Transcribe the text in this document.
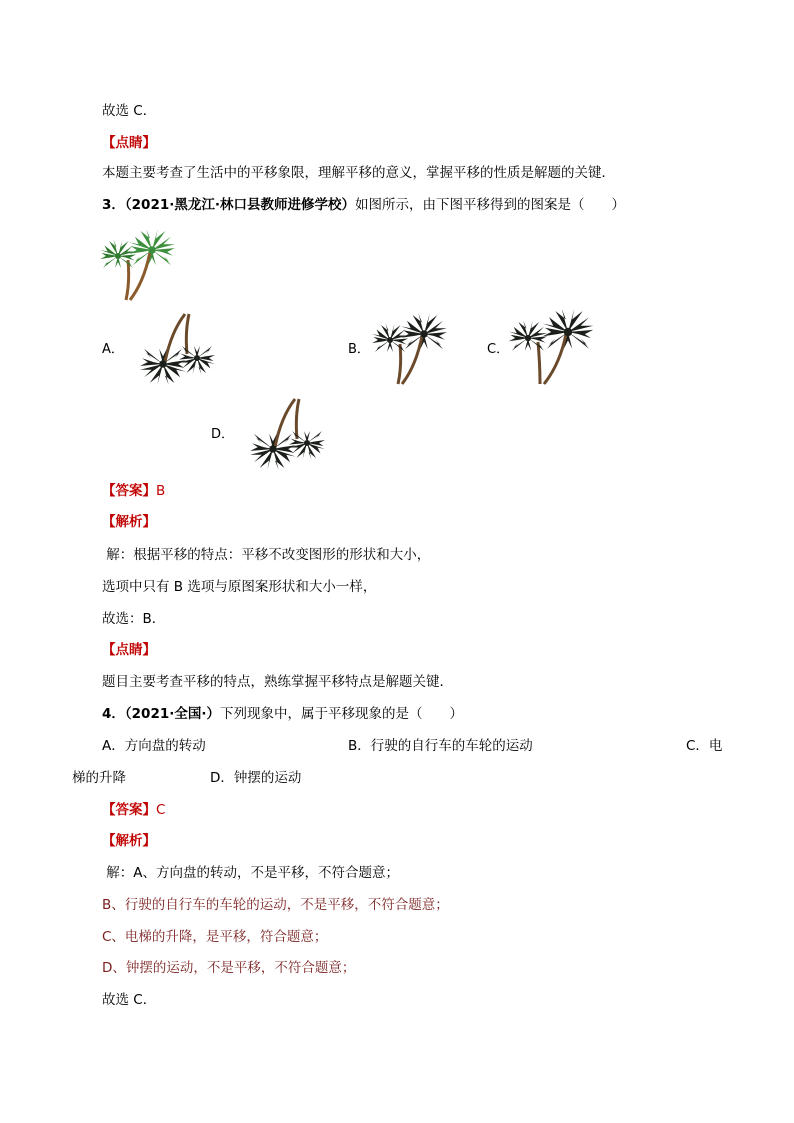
故选 C．
【点睛】
本题主要考查了生活中的平移象限，理解平移的意义，掌握平移的性质是解题的关键．
3．（2021·黑龙江·林口县教师进修学校）如图所示，由下图平移得到的图案是（　　）
A．	B．	C．
D．
【答案】B
【解析】
解：根据平移的特点：平移不改变图形的形状和大小，
选项中只有 B 选项与原图案形状和大小一样，
故选：B．
【点睛】
题目主要考查平移的特点，熟练掌握平移特点是解题关键．
4．（2021·全国·）下列现象中，属于平移现象的是（　　）
A．方向盘的转动	B．行驶的自行车的车轮的运动	C．电
梯的升降	D．钟摆的运动
【答案】C
【解析】
解：A、方向盘的转动，不是平移，不符合题意；
B、行驶的自行车的车轮的运动，不是平移，不符合题意；
C、电梯的升降，是平移，符合题意；
D、钟摆的运动，不是平移，不符合题意；
故选 C．
